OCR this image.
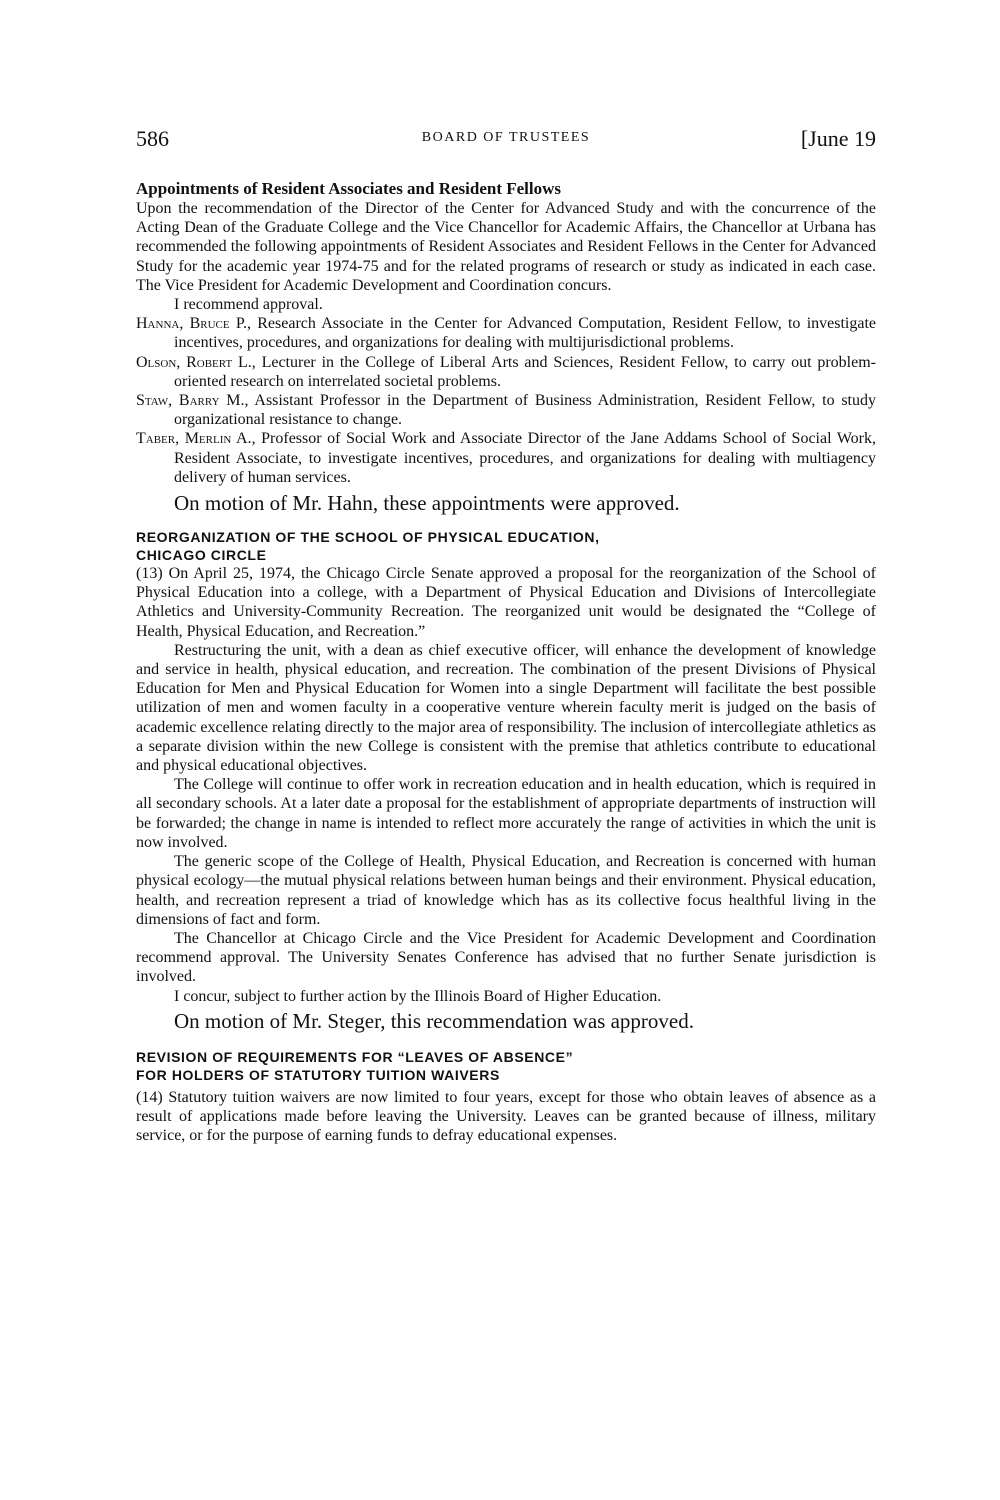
586	BOARD OF TRUSTEES	[June 19

Appointments of Resident Associates and Resident Fellows

Upon the recommendation of the Director of the Center for Advanced Study and with the concurrence of the Acting Dean of the Graduate College and the Vice Chancellor for Academic Affairs, the Chancellor at Urbana has recommended the following appointments of Resident Associates and Resident Fellows in the Center for Advanced Study for the academic year 1974-75 and for the related programs of research or study as indicated in each case. The Vice President for Academic Development and Coordination concurs.

I recommend approval.

Hanna, Bruce P., Research Associate in the Center for Advanced Computation, Resident Fellow, to investigate incentives, procedures, and organizations for dealing with multijurisdictional problems.

Olson, Robert L., Lecturer in the College of Liberal Arts and Sciences, Resident Fellow, to carry out problem-oriented research on interrelated societal problems.

Staw, Barry M., Assistant Professor in the Department of Business Administration, Resident Fellow, to study organizational resistance to change.

Taber, Merlin A., Professor of Social Work and Associate Director of the Jane Addams School of Social Work, Resident Associate, to investigate incentives, procedures, and organizations for dealing with multiagency delivery of human services.

On motion of Mr. Hahn, these appointments were approved.

REORGANIZATION OF THE SCHOOL OF PHYSICAL EDUCATION,

CHICAGO CIRCLE

(13) On April 25, 1974, the Chicago Circle Senate approved a proposal for the reorganization of the School of Physical Education into a college, with a Department of Physical Education and Divisions of Intercollegiate Athletics and University-Community Recreation. The reorganized unit would be designated the “College of Health, Physical Education, and Recreation.”

Restructuring the unit, with a dean as chief executive officer, will enhance the development of knowledge and service in health, physical education, and recreation. The combination of the present Divisions of Physical Education for Men and Physical Education for Women into a single Department will facilitate the best possible utilization of men and women faculty in a cooperative venture wherein faculty merit is judged on the basis of academic excellence relating directly to the major area of responsibility. The inclusion of intercollegiate athletics as a separate division within the new College is consistent with the premise that athletics contribute to educational and physical educational objectives.

The College will continue to offer work in recreation education and in health education, which is required in all secondary schools. At a later date a proposal for the establishment of appropriate departments of instruction will be forwarded; the change in name is intended to reflect more accurately the range of activities in which the unit is now involved.

The generic scope of the College of Health, Physical Education, and Recreation is concerned with human physical ecology—the mutual physical relations between human beings and their environment. Physical education, health, and recreation represent a triad of knowledge which has as its collective focus healthful living in the dimensions of fact and form.

The Chancellor at Chicago Circle and the Vice President for Academic Development and Coordination recommend approval. The University Senates Conference has advised that no further Senate jurisdiction is involved.

I concur, subject to further action by the Illinois Board of Higher Education.

On motion of Mr. Steger, this recommendation was approved.

REVISION OF REQUIREMENTS FOR “LEAVES OF ABSENCE”

FOR HOLDERS OF STATUTORY TUITION WAIVERS

(14) Statutory tuition waivers are now limited to four years, except for those who obtain leaves of absence as a result of applications made before leaving the University. Leaves can be granted because of illness, military service, or for the purpose of earning funds to defray educational expenses.
